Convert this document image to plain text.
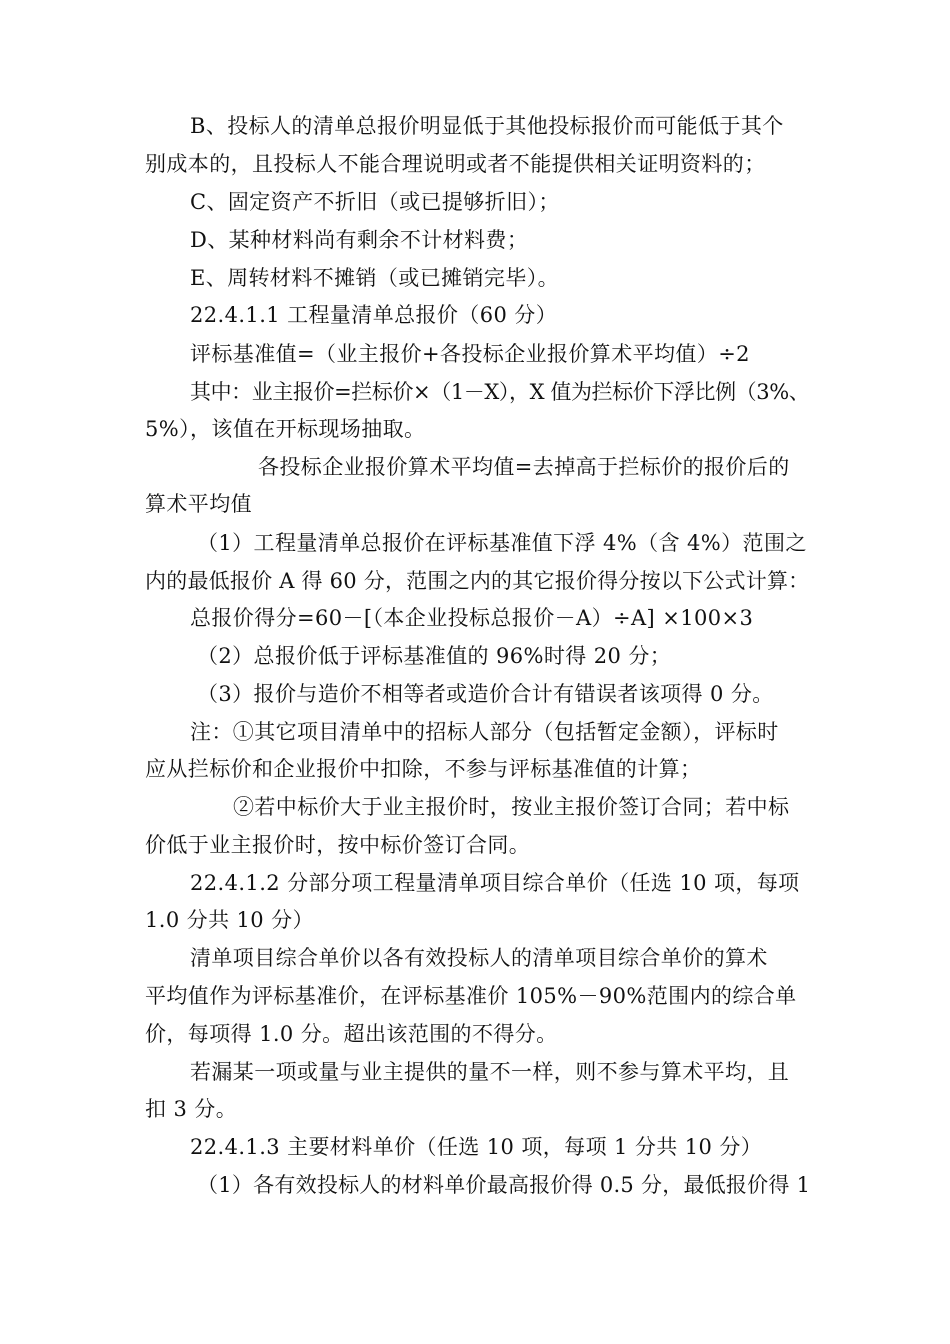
B、投标人的清单总报价明显低于其他投标报价而可能低于其个
别成本的，且投标人不能合理说明或者不能提供相关证明资料的；
C、固定资产不折旧（或已提够折旧）；
D、某种材料尚有剩余不计材料费；
E、周转材料不摊销（或已摊销完毕）。
22.4.1.1 工程量清单总报价（60 分）
评标基准值=（业主报价+各投标企业报价算术平均值）÷2
其中：业主报价=拦标价×（1－X），X 值为拦标价下浮比例（3%、
5%），该值在开标现场抽取。
各投标企业报价算术平均值=去掉高于拦标价的报价后的
算术平均值
（1）工程量清单总报价在评标基准值下浮 4%（含 4%）范围之
内的最低报价 A 得 60 分，范围之内的其它报价得分按以下公式计算：
总报价得分=60－[（本企业投标总报价－A）÷A] ×100×3
（2）总报价低于评标基准值的 96%时得 20 分；
（3）报价与造价不相等者或造价合计有错误者该项得 0 分。
注：①其它项目清单中的招标人部分（包括暂定金额），评标时
应从拦标价和企业报价中扣除，不参与评标基准值的计算；
②若中标价大于业主报价时，按业主报价签订合同；若中标
价低于业主报价时，按中标价签订合同。
22.4.1.2 分部分项工程量清单项目综合单价（任选 10 项，每项
1.0 分共 10 分）
清单项目综合单价以各有效投标人的清单项目综合单价的算术
平均值作为评标基准价，在评标基准价 105%－90%范围内的综合单
价，每项得 1.0 分。超出该范围的不得分。
若漏某一项或量与业主提供的量不一样，则不参与算术平均，且
扣 3 分。
22.4.1.3 主要材料单价（任选 10 项，每项 1 分共 10 分）
（1）各有效投标人的材料单价最高报价得 0.5 分，最低报价得 1
